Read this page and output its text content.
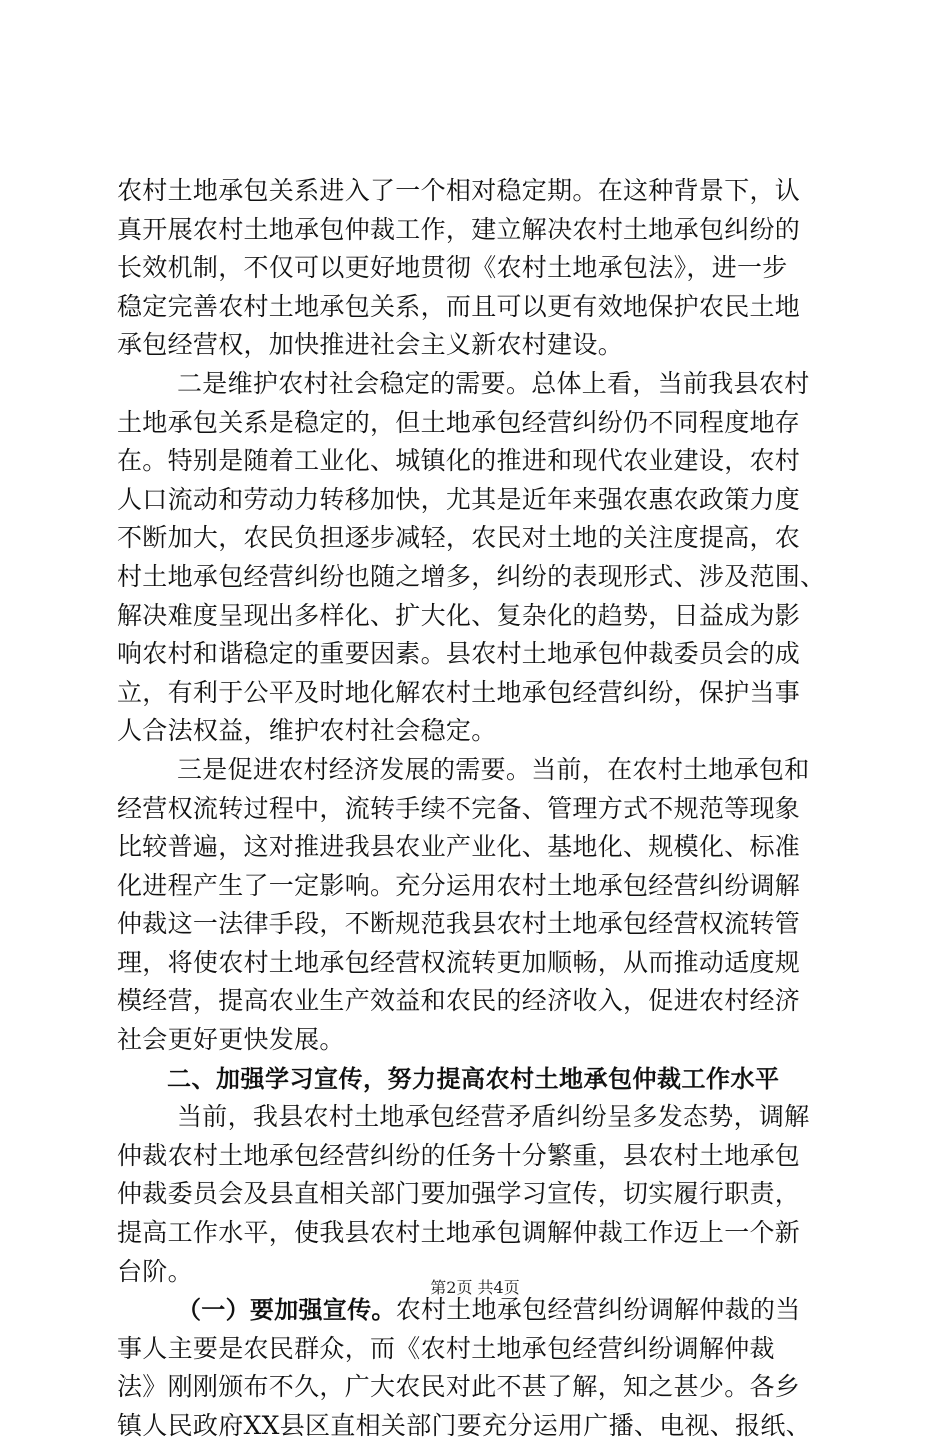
农村土地承包关系进入了一个相对稳定期。在这种背景下，认
真开展农村土地承包仲裁工作，建立解决农村土地承包纠纷的
长效机制，不仅可以更好地贯彻《农村土地承包法》，进一步
稳定完善农村土地承包关系，而且可以更有效地保护农民土地
承包经营权，加快推进社会主义新农村建设。
二是维护农村社会稳定的需要。总体上看，当前我县农村
土地承包关系是稳定的，但土地承包经营纠纷仍不同程度地存
在。特别是随着工业化、城镇化的推进和现代农业建设，农村
人口流动和劳动力转移加快，尤其是近年来强农惠农政策力度
不断加大，农民负担逐步减轻，农民对土地的关注度提高，农
村土地承包经营纠纷也随之增多，纠纷的表现形式、涉及范围、
解决难度呈现出多样化、扩大化、复杂化的趋势，日益成为影
响农村和谐稳定的重要因素。县农村土地承包仲裁委员会的成
立，有利于公平及时地化解农村土地承包经营纠纷，保护当事
人合法权益，维护农村社会稳定。
三是促进农村经济发展的需要。当前，在农村土地承包和
经营权流转过程中，流转手续不完备、管理方式不规范等现象
比较普遍，这对推进我县农业产业化、基地化、规模化、标准
化进程产生了一定影响。充分运用农村土地承包经营纠纷调解
仲裁这一法律手段，不断规范我县农村土地承包经营权流转管
理，将使农村土地承包经营权流转更加顺畅，从而推动适度规
模经营，提高农业生产效益和农民的经济收入，促进农村经济
社会更好更快发展。
二、加强学习宣传，努力提高农村土地承包仲裁工作水平
当前，我县农村土地承包经营矛盾纠纷呈多发态势，调解
仲裁农村土地承包经营纠纷的任务十分繁重，县农村土地承包
仲裁委员会及县直相关部门要加强学习宣传，切实履行职责，
提高工作水平，使我县农村土地承包调解仲裁工作迈上一个新
台阶。
（一）要加强宣传。农村土地承包经营纠纷调解仲裁的当
事人主要是农民群众，而《农村土地承包经营纠纷调解仲裁
法》刚刚颁布不久，广大农民对此不甚了解，知之甚少。各乡
镇人民政府XX县区直相关部门要充分运用广播、电视、报纸、
第2页 共4页
